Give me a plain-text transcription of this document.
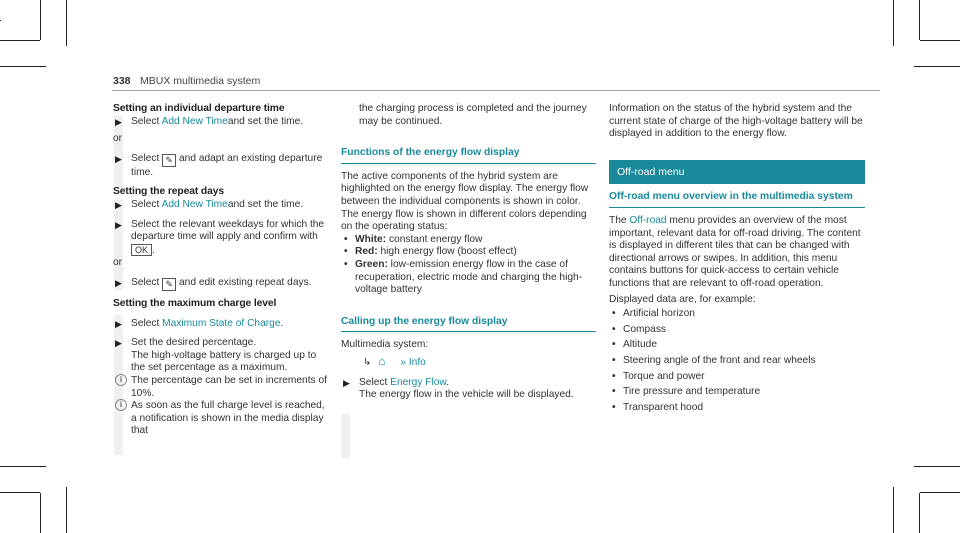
338 MBUX multimedia system
Setting an individual departure time
▶ Select Add New Timeand set the time.
or
▶ Select ✎ and adapt an existing departure time.
Setting the repeat days
▶ Select Add New Timeand set the time.
▶ Select the relevant weekdays for which the departure time will apply and confirm with
OK .
or
▶ Select ✎ and edit existing repeat days.
Setting the maximum charge level
▶ Select Maximum State of Charge.
▶ Set the desired percentage.
The high-voltage battery is charged up to the set percentage as a maximum.
i The percentage can be set in increments of 10%.
i As soon as the full charge level is reached, a notification is shown in the media display that
the charging process is completed and the journey may be continued.
Functions of the energy flow display
The active components of the hybrid system are highlighted on the energy flow display. The energy flow between the individual components is shown in color.
The energy flow is shown in different colors depending on the operating status:
• White: constant energy flow
• Red: high energy flow (boost effect)
• Green: low-emission energy flow in the case of recuperation, electric mode and charging the high-voltage battery
Calling up the energy flow display
Multimedia system:
↳ ⌂ » Info
▶ Select Energy Flow.
The energy flow in the vehicle will be displayed.
Information on the status of the hybrid system and the current state of charge of the high-voltage battery will be displayed in addition to the energy flow.
Off-road menu
Off-road menu overview in the multimedia system
The Off-road menu provides an overview of the most important, relevant data for off-road driving. The content is displayed in different tiles that can be changed with directional arrows or swipes. In addition, this menu contains buttons for quick-access to certain vehicle functions that are relevant to off-road operation.
Displayed data are, for example:
• Artificial horizon
• Compass
• Altitude
• Steering angle of the front and rear wheels
• Torque and power
• Tire pressure and temperature
• Transparent hood
